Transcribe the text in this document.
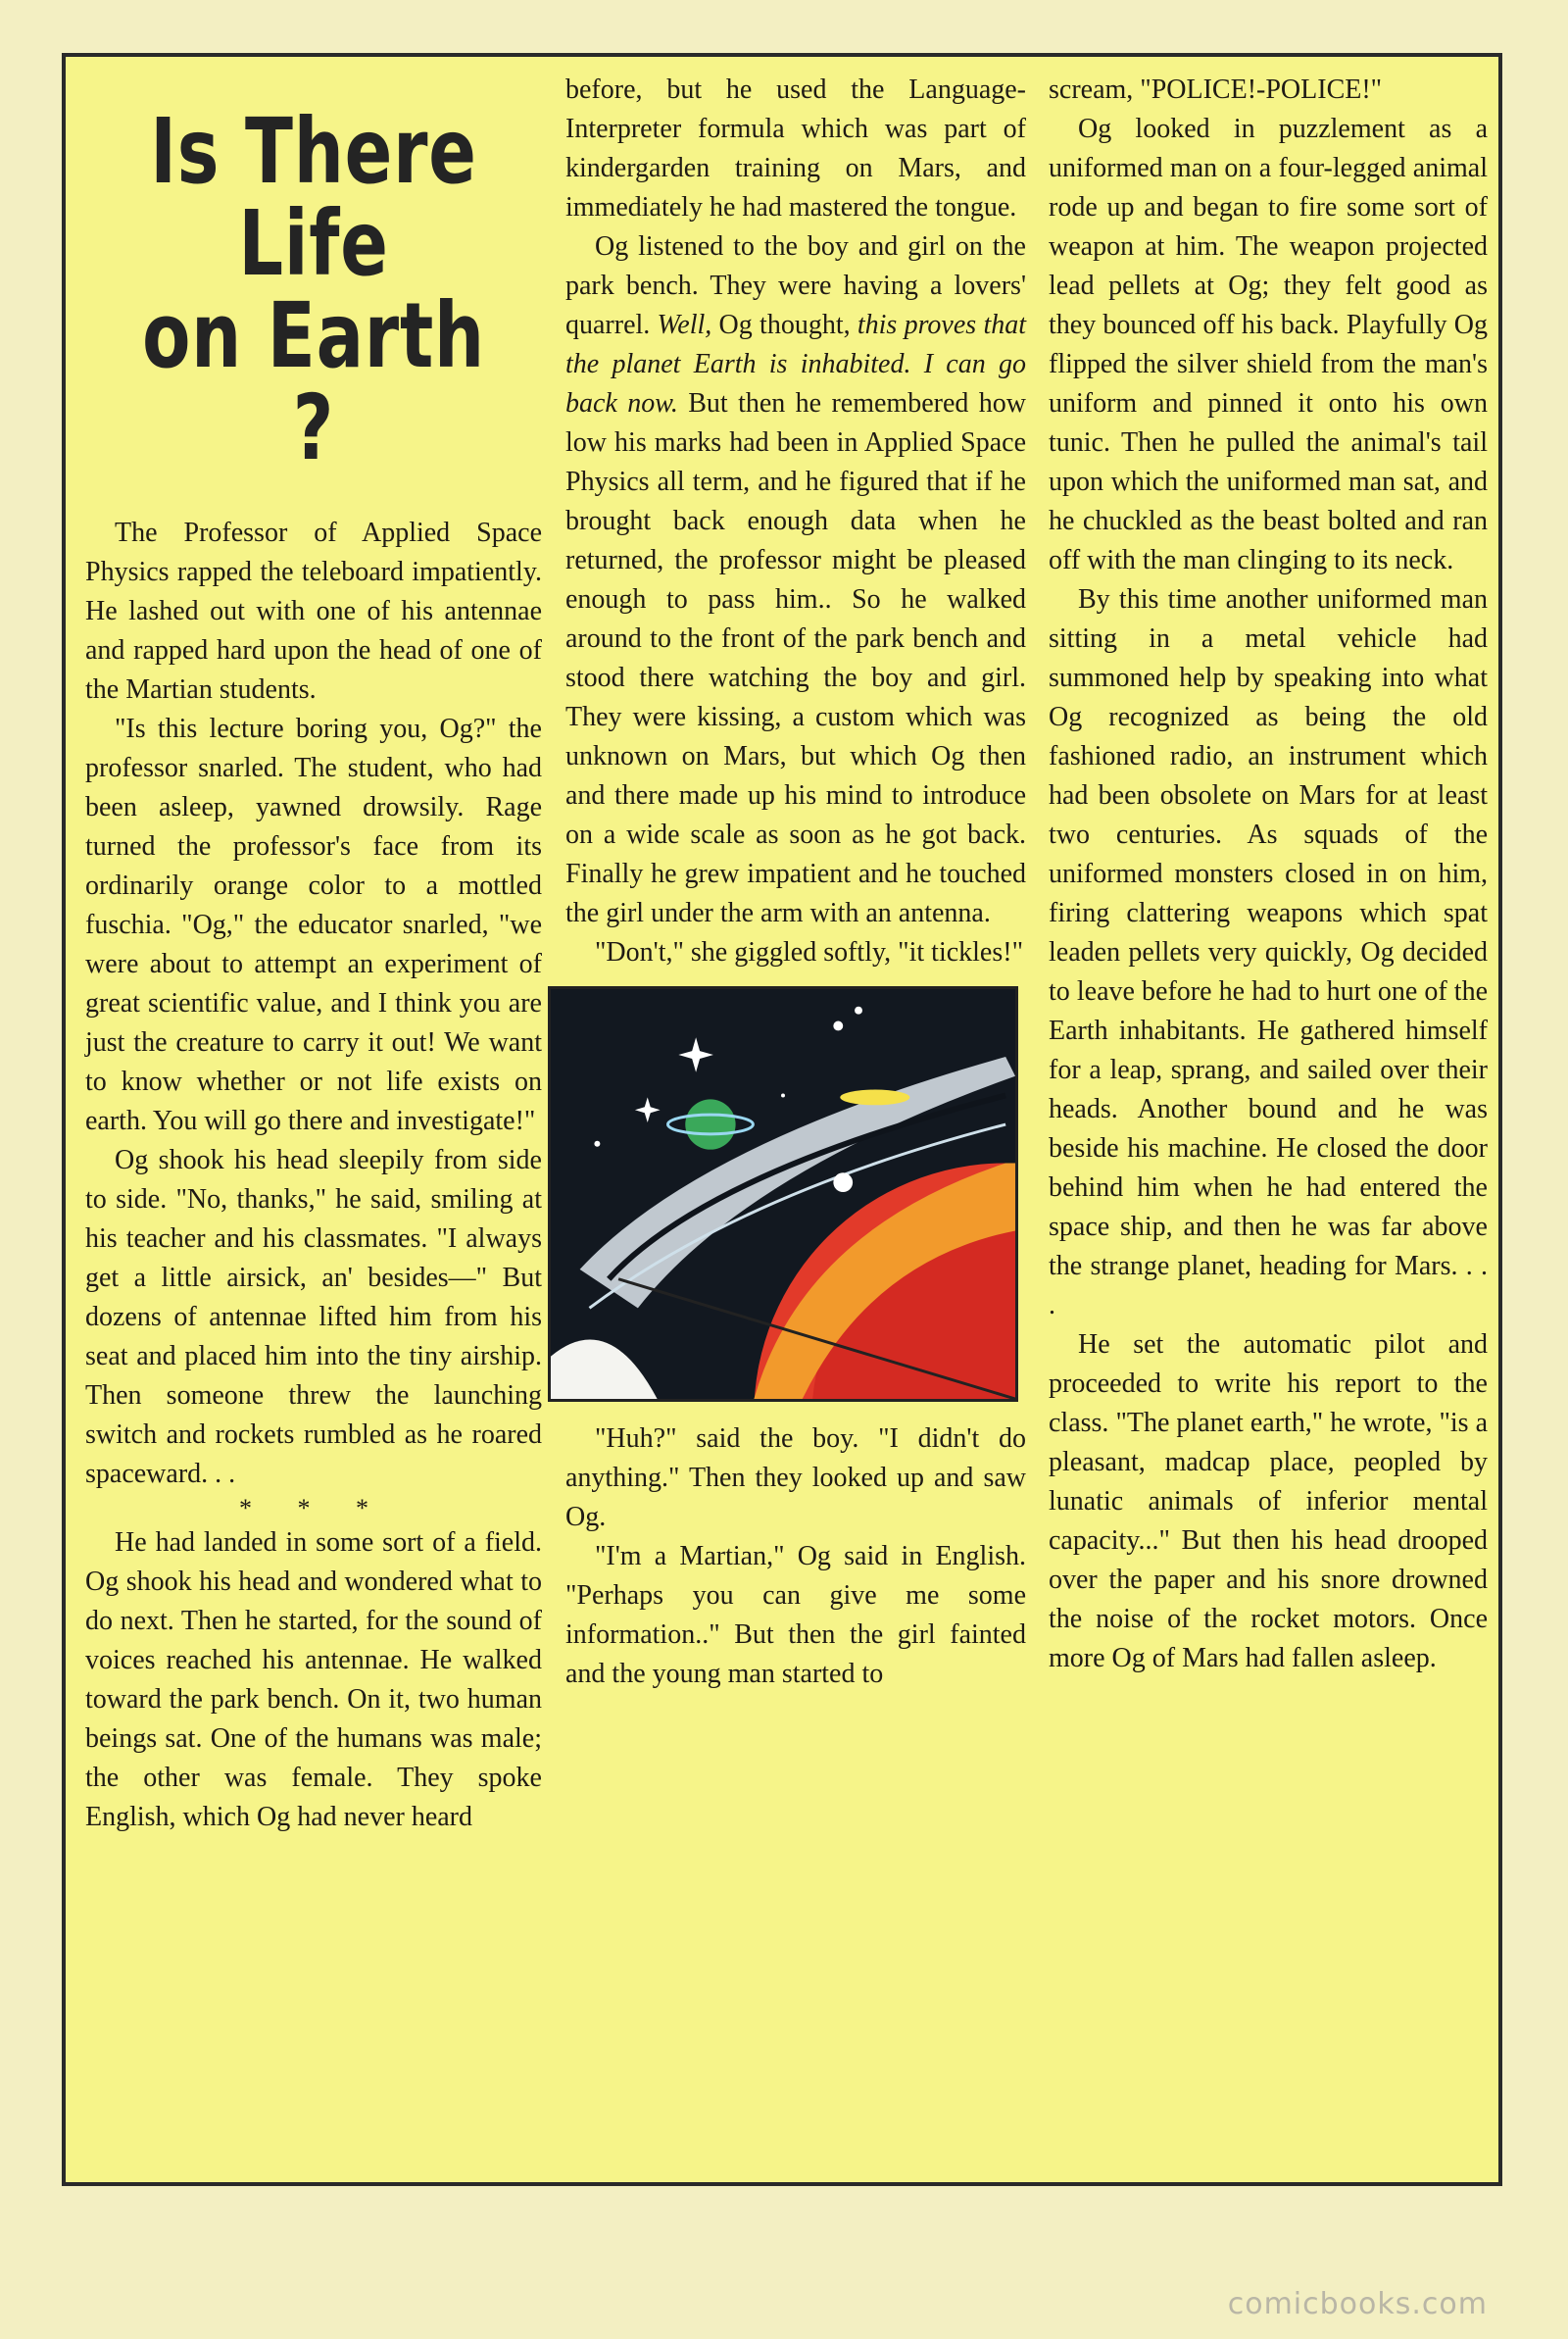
Is There Life
on Earth ?

The Professor of Applied Space Physics rapped the teleboard impatiently. He lashed out with one of his antennae and rapped hard upon the head of one of the Martian students.

"Is this lecture boring you, Og?" the professor snarled. The student, who had been asleep, yawned drowsily. Rage turned the professor's face from its ordinarily orange color to a mottled fuschia. "Og," the educator snarled, "we were about to attempt an experiment of great scientific value, and I think you are just the creature to carry it out! We want to know whether or not life exists on earth. You will go there and investigate!"

Og shook his head sleepily from side to side. "No, thanks," he said, smiling at his teacher and his classmates. "I always get a little airsick, an' besides—" But dozens of antennae lifted him from his seat and placed him into the tiny airship. Then someone threw the launching switch and rockets rumbled as he roared spaceward. . .

* * *

He had landed in some sort of a field. Og shook his head and wondered what to do next. Then he started, for the sound of voices reached his antennae. He walked toward the park bench. On it, two human beings sat. One of the humans was male; the other was female. They spoke English, which Og had never heard

before, but he used the Language-Interpreter formula which was part of kindergarden training on Mars, and immediately he had mastered the tongue.

Og listened to the boy and girl on the park bench. They were having a lovers' quarrel. Well, Og thought, this proves that the planet Earth is inhabited. I can go back now. But then he remembered how low his marks had been in Applied Space Physics all term, and he figured that if he brought back enough data when he returned, the professor might be pleased enough to pass him.. So he walked around to the front of the park bench and stood there watching the boy and girl. They were kissing, a custom which was unknown on Mars, but which Og then and there made up his mind to introduce on a wide scale as soon as he got back. Finally he grew impatient and he touched the girl under the arm with an antenna.

"Don't," she giggled softly, "it tickles!"

"Huh?" said the boy. "I didn't do anything." Then they looked up and saw Og.

"I'm a Martian," Og said in English. "Perhaps you can give me some information.." But then the girl fainted and the young man started to

scream, "POLICE!-POLICE!"

Og looked in puzzlement as a uniformed man on a four-legged animal rode up and began to fire some sort of weapon at him. The weapon projected lead pellets at Og; they felt good as they bounced off his back. Playfully Og flipped the silver shield from the man's uniform and pinned it onto his own tunic. Then he pulled the animal's tail upon which the uniformed man sat, and he chuckled as the beast bolted and ran off with the man clinging to its neck.

By this time another uniformed man sitting in a metal vehicle had summoned help by speaking into what Og recognized as being the old fashioned radio, an instrument which had been obsolete on Mars for at least two centuries. As squads of the uniformed monsters closed in on him, firing clattering weapons which spat leaden pellets very quickly, Og decided to leave before he had to hurt one of the Earth inhabitants. He gathered himself for a leap, sprang, and sailed over their heads. Another bound and he was beside his machine. He closed the door behind him when he had entered the space ship, and then he was far above the strange planet, heading for Mars. . . .

He set the automatic pilot and proceeded to write his report to the class. "The planet earth," he wrote, "is a pleasant, madcap place, peopled by lunatic animals of inferior mental capacity..." But then his head drooped over the paper and his snore drowned the noise of the rocket motors. Once more Og of Mars had fallen asleep.

comicbooks.com
